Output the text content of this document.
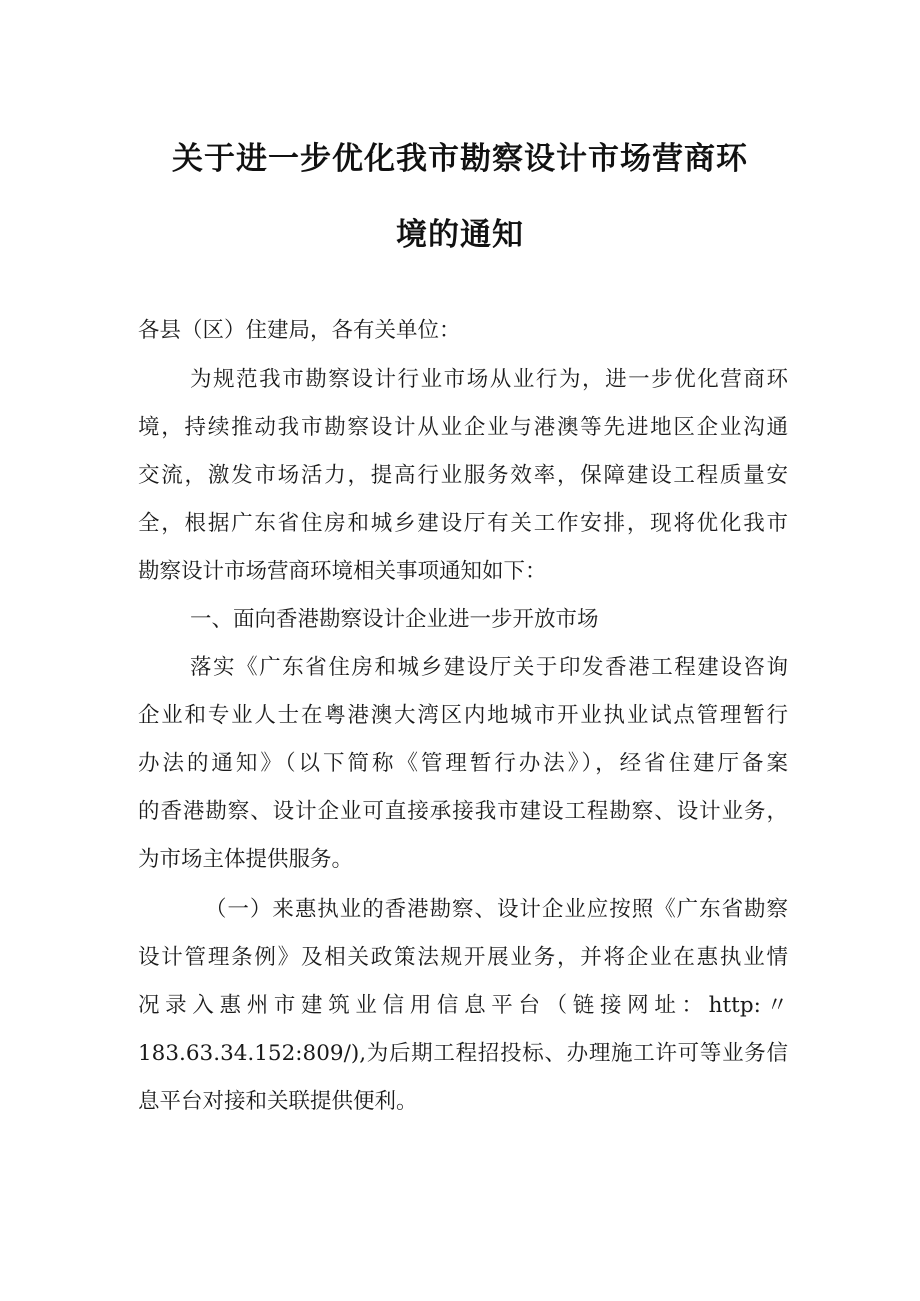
关于进一步优化我市勘察设计市场营商环
境的通知
各县（区）住建局，各有关单位：
为规范我市勘察设计行业市场从业行为，进一步优化营商环
境，持续推动我市勘察设计从业企业与港澳等先进地区企业沟通
交流，激发市场活力，提高行业服务效率，保障建设工程质量安
全，根据广东省住房和城乡建设厅有关工作安排，现将优化我市
勘察设计市场营商环境相关事项通知如下：
一、面向香港勘察设计企业进一步开放市场
落实《广东省住房和城乡建设厅关于印发香港工程建设咨询
企业和专业人士在粤港澳大湾区内地城市开业执业试点管理暂行
办法的通知》（以下简称《管理暂行办法》），经省住建厅备案
的香港勘察、设计企业可直接承接我市建设工程勘察、设计业务，
为市场主体提供服务。
（一）来惠执业的香港勘察、设计企业应按照《广东省勘察
设计管理条例》及相关政策法规开展业务，并将企业在惠执业情
况录入惠州市建筑业信用信息平台（链接网址：http:〃
183.63.34.152:809/),为后期工程招投标、办理施工许可等业务信
息平台对接和关联提供便利。
